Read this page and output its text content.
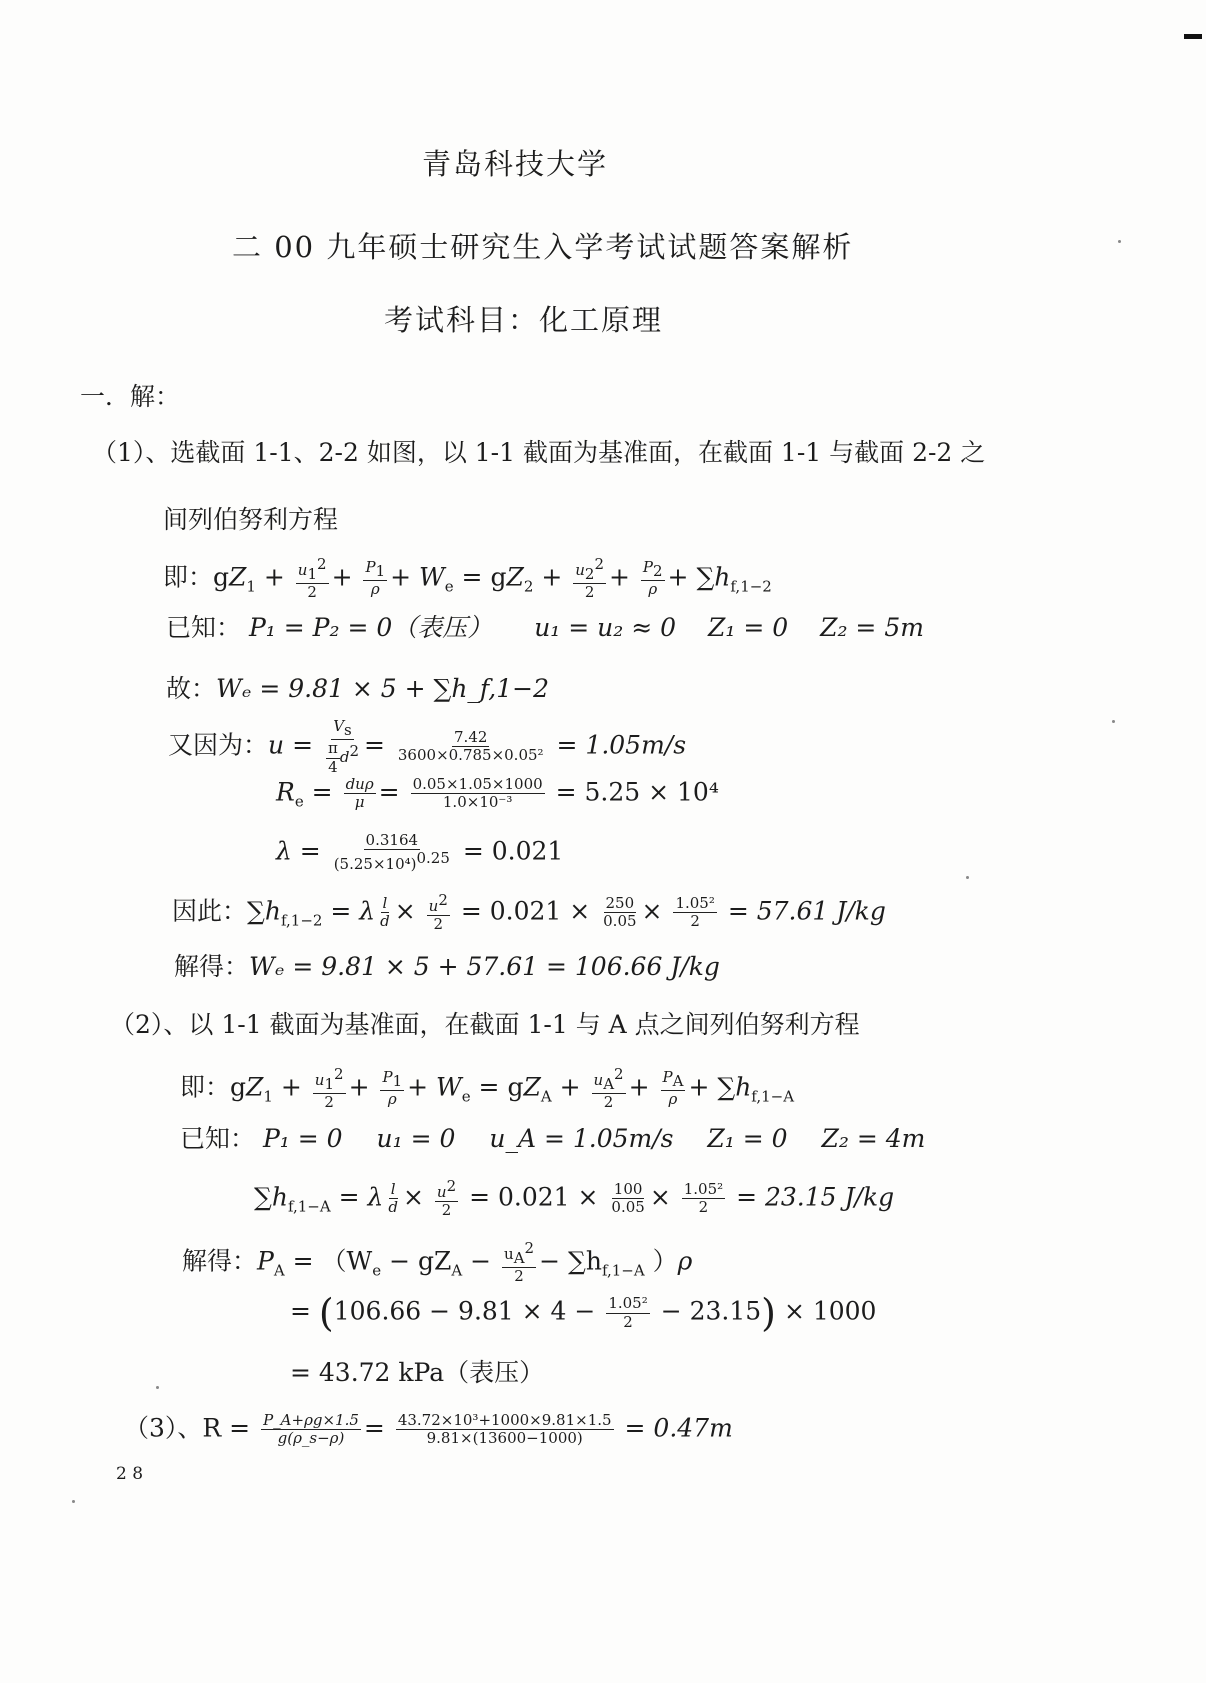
青岛科技大学
二 00 九年硕士研究生入学考试试题答案解析
考试科目：化工原理
一．解：
（1）、选截面 1-1、2-2 如图，以 1-1 截面为基准面，在截面 1-1 与截面 2-2 之
间列伯努利方程
即：$gZ_1 + \frac{u_1^2}{2} + \frac{P_1}{\rho} + W_e = gZ_2 + \frac{u_2^2}{2} + \frac{P_2}{\rho} + \sum h_{f,1-2}$
已知： P₁ = P₂ = 0（表压） u₁ = u₂ ≈ 0 Z₁ = 0 Z₂ = 5m
故：Wₑ = 9.81 × 5 + ∑h_f,1−2
又因为：$u = \frac{V_s}{\frac{\pi}{4} d^2} = \frac{7.42}{\text{3600×0.785×0.05²}} = 1.05m/s$
$R_e = \frac{\text{duρ}}{\mu} = \frac{0.05\times 1.05\times 1000}{\text{1.0×10⁻³}} = 5.25 \times 10^4$
$\lambda = \frac{0.3164}{(5.25\times 10^4)^{0.25}} = 0.021$
因此：$\sum h_{f,1-2} = \lambda \frac{l}{d} \times \frac{u^2}{2} = 0.021 \times \frac{250}{0.05} \times \frac{\text{1.05²}}{2} = 57.61$ J/kg
解得：Wₑ = 9.81 × 5 + 57.61 = 106.66 J/kg
（2）、以 1-1 截面为基准面，在截面 1-1 与 A 点之间列伯努利方程
即：$gZ_1 + \frac{u_1^2}{2} + \frac{P_1}{\rho} + W_e = gZ_A + \frac{u_A^2}{2} + \frac{P_A}{\rho} + \sum h_{f,1-A}$
已知： P₁ = 0 u₁ = 0 u_A = 1.05m/s Z₁ = 0 Z₂ = 4m
$\sum h_{f,1-A} = \lambda \frac{l}{d} \times \frac{u^2}{2} = 0.021 \times \frac{100}{0.05} \times \frac{\text{1.05²}}{2} = 23.15$ J/kg
解得：$P_A = (W_e - gZ_A - \frac{u_A^2}{2} - \sum h_{f,1-A}$ ）ρ
= $(106.66 - 9.81 \times 4 - \frac{\text{1.05²}}{2} - 23.15) \times 1000$
= 43.72 kPa（表压）
（3）、$R = \frac{P\_A+\rho g\times 1.5}{g(\rho\_s-\rho)} = \frac{\text{43.72×10³+1000×9.81×1.5}}{9.81\times(13600-1000)} = 0.47m$
2 8
